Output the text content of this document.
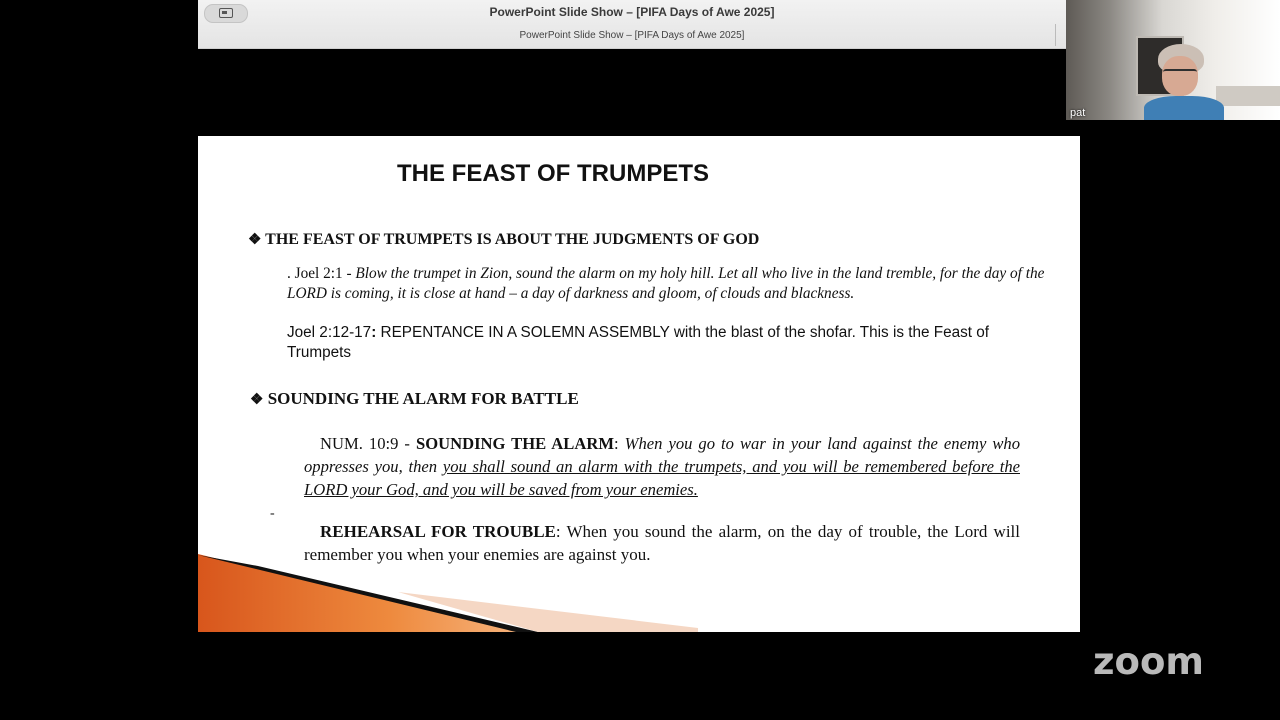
PowerPoint Slide Show – [PIFA Days of Awe 2025]
PowerPoint Slide Show – [PIFA Days of Awe 2025]
pat
THE FEAST OF TRUMPETS
❖ THE FEAST OF TRUMPETS IS ABOUT THE JUDGMENTS OF GOD
. Joel 2:1 - Blow the trumpet in Zion, sound the alarm on my holy hill. Let all who live in the land tremble, for the day of the LORD is coming, it is close at hand – a day of darkness and gloom, of clouds and blackness.
Joel 2:12-17: REPENTANCE IN A SOLEMN ASSEMBLY with the blast of the shofar. This is the Feast of Trumpets
❖ SOUNDING THE ALARM FOR BATTLE
NUM. 10:9 - SOUNDING THE ALARM: When you go to war in your land against the enemy who oppresses you, then you shall sound an alarm with the trumpets, and you will be remembered before the LORD your God, and you will be saved from your enemies.
-
REHEARSAL FOR TROUBLE: When you sound the alarm, on the day of trouble, the Lord will remember you when your enemies are against you.
zoom
